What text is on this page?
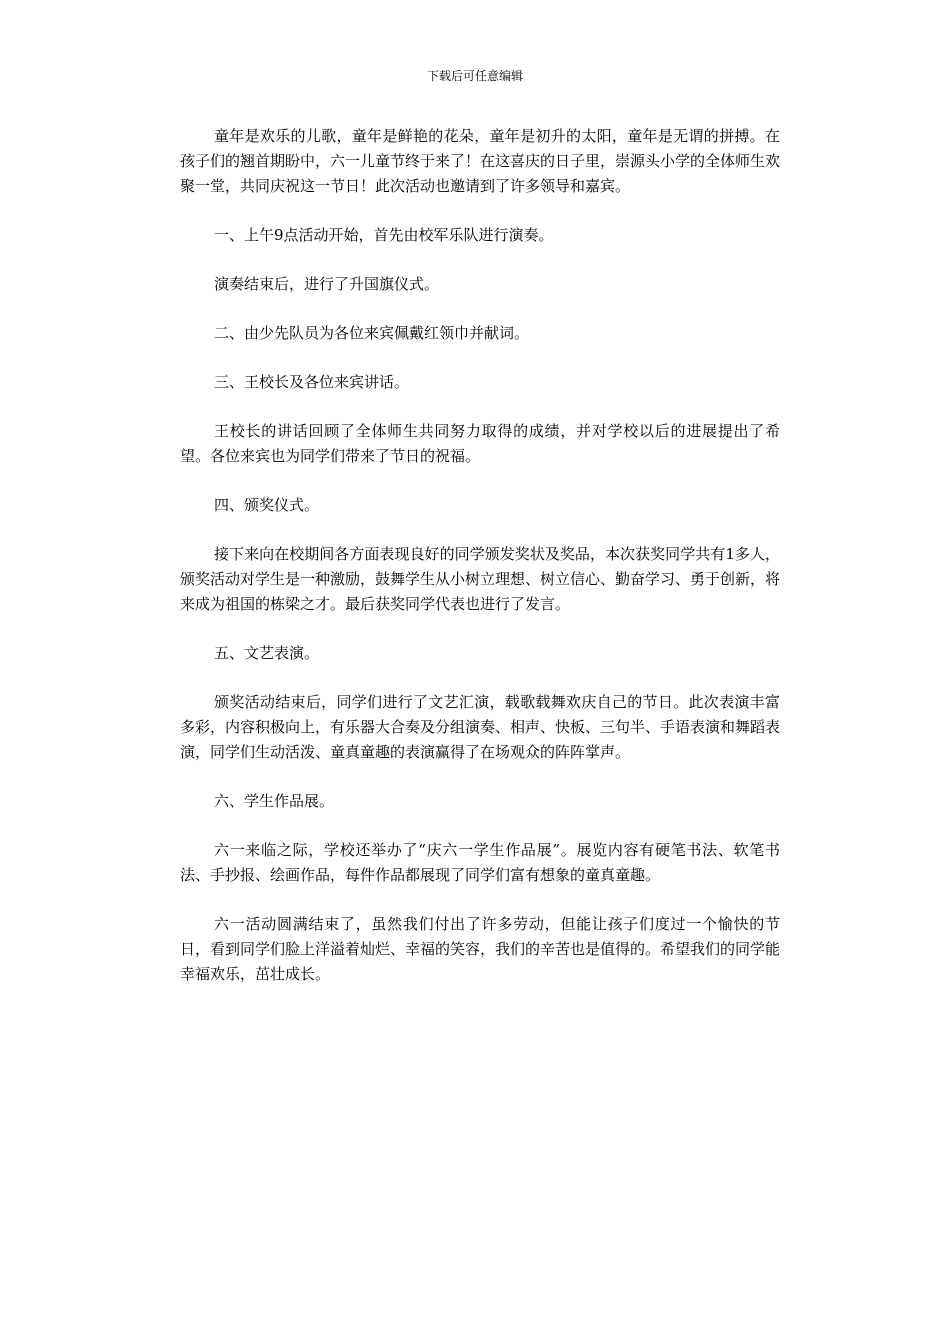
下载后可任意编辑

童年是欢乐的儿歌，童年是鲜艳的花朵，童年是初升的太阳，童年是无谓的拼搏。在孩子们的翘首期盼中，六一儿童节终于来了！在这喜庆的日子里，崇源头小学的全体师生欢聚一堂，共同庆祝这一节日！此次活动也邀请到了许多领导和嘉宾。

一、上午9点活动开始，首先由校军乐队进行演奏。

演奏结束后，进行了升国旗仪式。

二、由少先队员为各位来宾佩戴红领巾并献词。

三、王校长及各位来宾讲话。

王校长的讲话回顾了全体师生共同努力取得的成绩，并对学校以后的进展提出了希望。各位来宾也为同学们带来了节日的祝福。

四、颁奖仪式。

接下来向在校期间各方面表现良好的同学颁发奖状及奖品，本次获奖同学共有1多人，颁奖活动对学生是一种激励，鼓舞学生从小树立理想、树立信心、勤奋学习、勇于创新，将来成为祖国的栋梁之才。最后获奖同学代表也进行了发言。

五、文艺表演。

颁奖活动结束后，同学们进行了文艺汇演，载歌载舞欢庆自己的节日。此次表演丰富多彩，内容积极向上，有乐器大合奏及分组演奏、相声、快板、三句半、手语表演和舞蹈表演，同学们生动活泼、童真童趣的表演赢得了在场观众的阵阵掌声。

六、学生作品展。

六一来临之际，学校还举办了“庆六一学生作品展”。展览内容有硬笔书法、软笔书法、手抄报、绘画作品，每件作品都展现了同学们富有想象的童真童趣。

六一活动圆满结束了，虽然我们付出了许多劳动，但能让孩子们度过一个愉快的节日，看到同学们脸上洋溢着灿烂、幸福的笑容，我们的辛苦也是值得的。希望我们的同学能幸福欢乐，茁壮成长。
